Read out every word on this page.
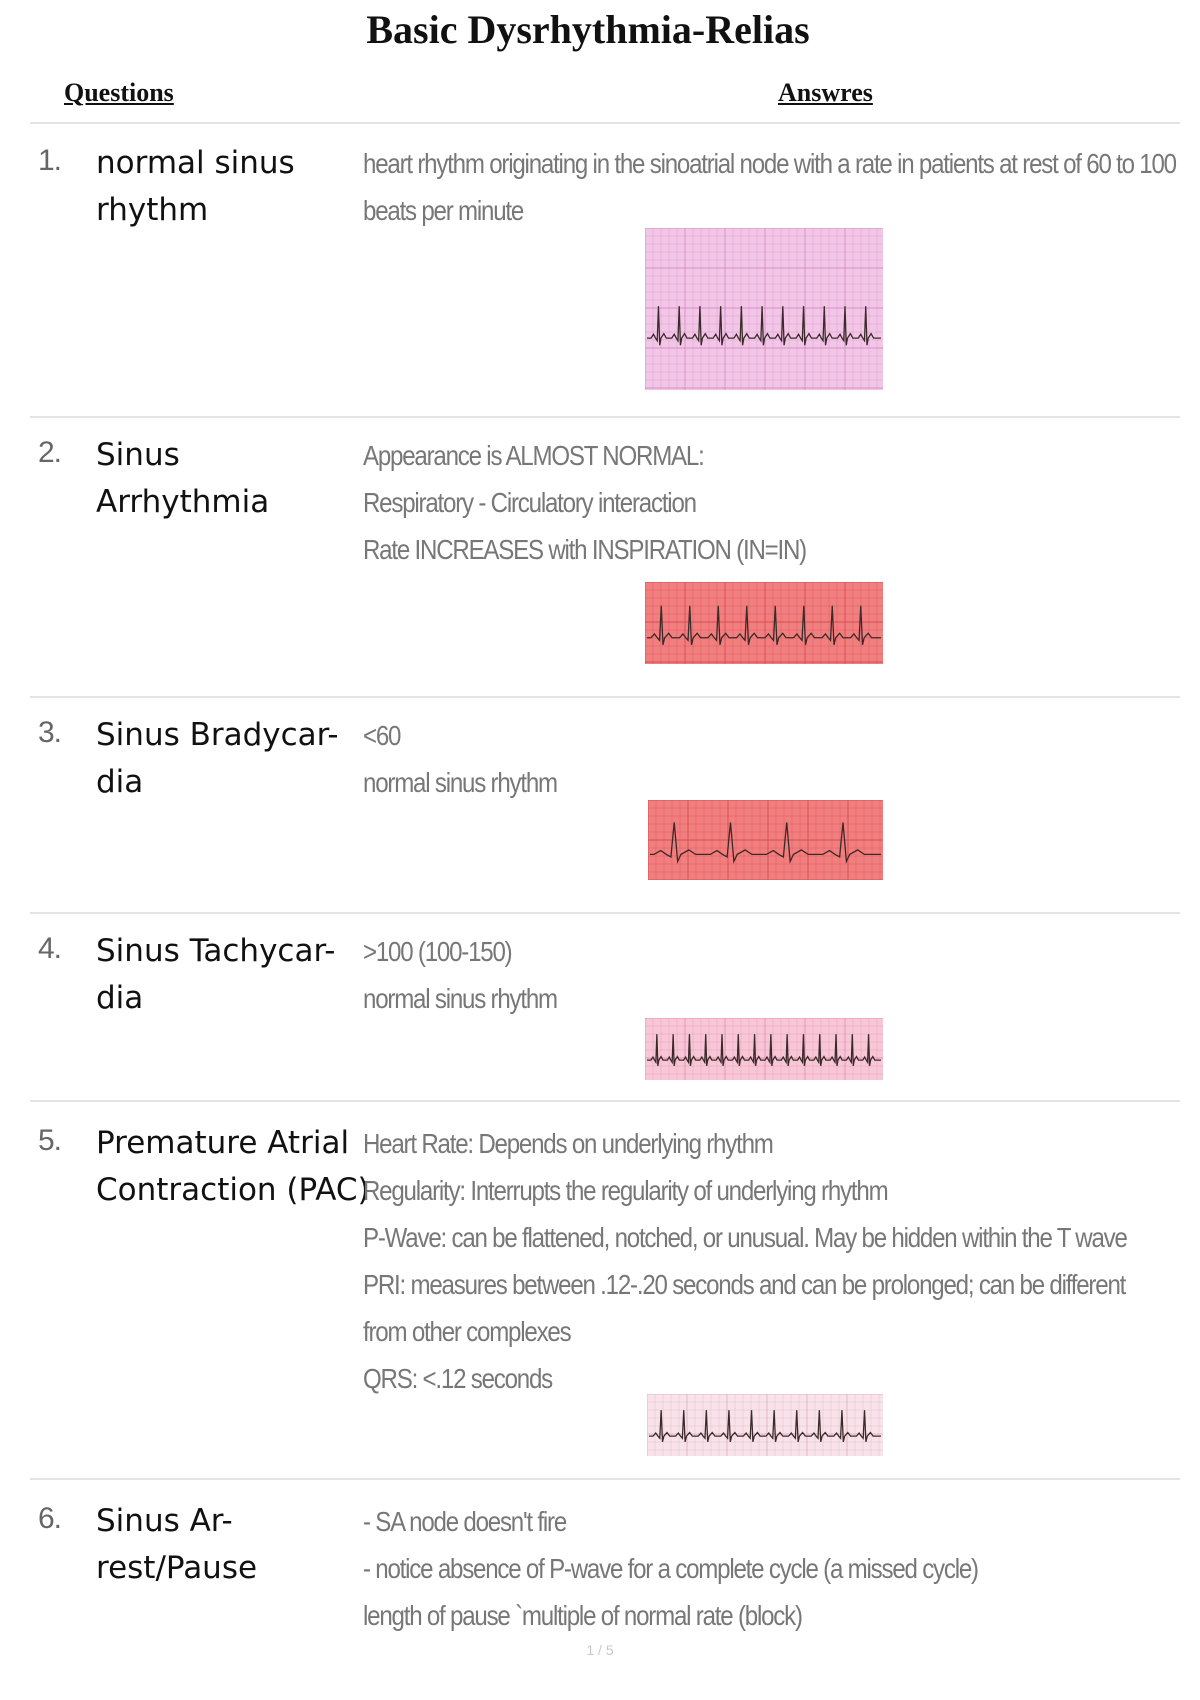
Basic Dysrhythmia-Relias
Questions	Answres
1. normal sinus
rhythm
heart rhythm originating in the sinoatrial node with a rate in patients at rest of 60 to 100 beats per minute
2. Sinus Arrhythmia
Appearance is ALMOST NORMAL:
Respiratory - Circulatory interaction
Rate INCREASES with INSPIRATION (IN=IN)
3. Sinus Bradycar-
dia
<60
normal sinus rhythm
4. Sinus Tachycar-
dia
>100 (100-150)
normal sinus rhythm
5. Premature Atrial
Contraction (PAC)
Heart Rate: Depends on underlying rhythm
Regularity: Interrupts the regularity of underlying rhythm
P-Wave: can be flattened, notched, or unusual. May be hidden within the T wave
PRI: measures between .12-.20 seconds and can be prolonged; can be different
from other complexes
QRS: <.12 seconds
6. Sinus Ar-
rest/Pause
- SA node doesn't fire
- notice absence of P-wave for a complete cycle (a missed cycle)
length of pause `multiple of normal rate (block)
1 / 5
